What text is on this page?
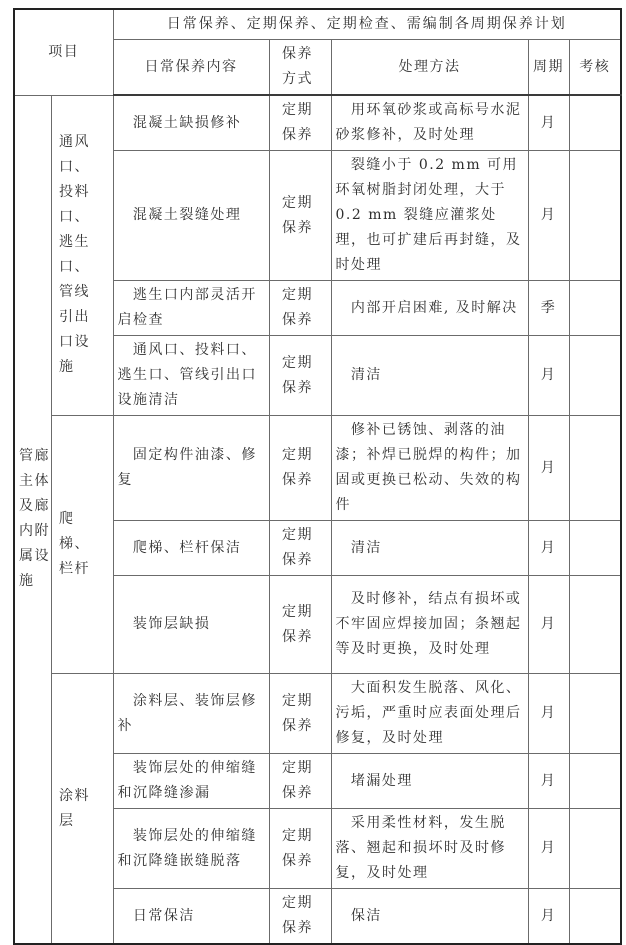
项目		日常保养、定期保养、定期检查、需编制各周期保养计划				
		日常保养内容	保养方式	处理方法	周期	考核

管廊主体及廊内附属设施	通风口、投料口、逃生口、管线引出口设施	混凝土缺损修补	定期保养	用环氧砂浆或高标号水泥砂浆修补，及时处理	月	
		混凝土裂缝处理	定期保养	裂缝小于 0.2 mm 可用环氧树脂封闭处理，大于 0.2 mm 裂缝应灌浆处理，也可扩建后再封缝，及时处理	月	
		逃生口内部灵活开启检查	定期保养	内部开启困难, 及时解决	季	
		通风口、投料口、逃生口、管线引出口设施清洁	定期保养	清洁	月	

	爬梯、栏杆	固定构件油漆、修复	定期保养	修补已锈蚀、剥落的油漆；补焊已脱焊的构件；加固或更换已松动、失效的构件	月	
		爬梯、栏杆保洁	定期保养	清洁	月	
		装饰层缺损	定期保养	及时修补，结点有损坏或不牢固应焊接加固；条翘起等及时更换，及时处理	月	

	涂料层	涂料层、装饰层修补	定期保养	大面积发生脱落、风化、污垢，严重时应表面处理后修复，及时处理	月	
		装饰层处的伸缩缝和沉降缝渗漏	定期保养	堵漏处理	月	
		装饰层处的伸缩缝和沉降缝嵌缝脱落	定期保养	采用柔性材料，发生脱落、翘起和损坏时及时修复，及时处理	月	
		日常保洁	定期保养	保洁	月	
